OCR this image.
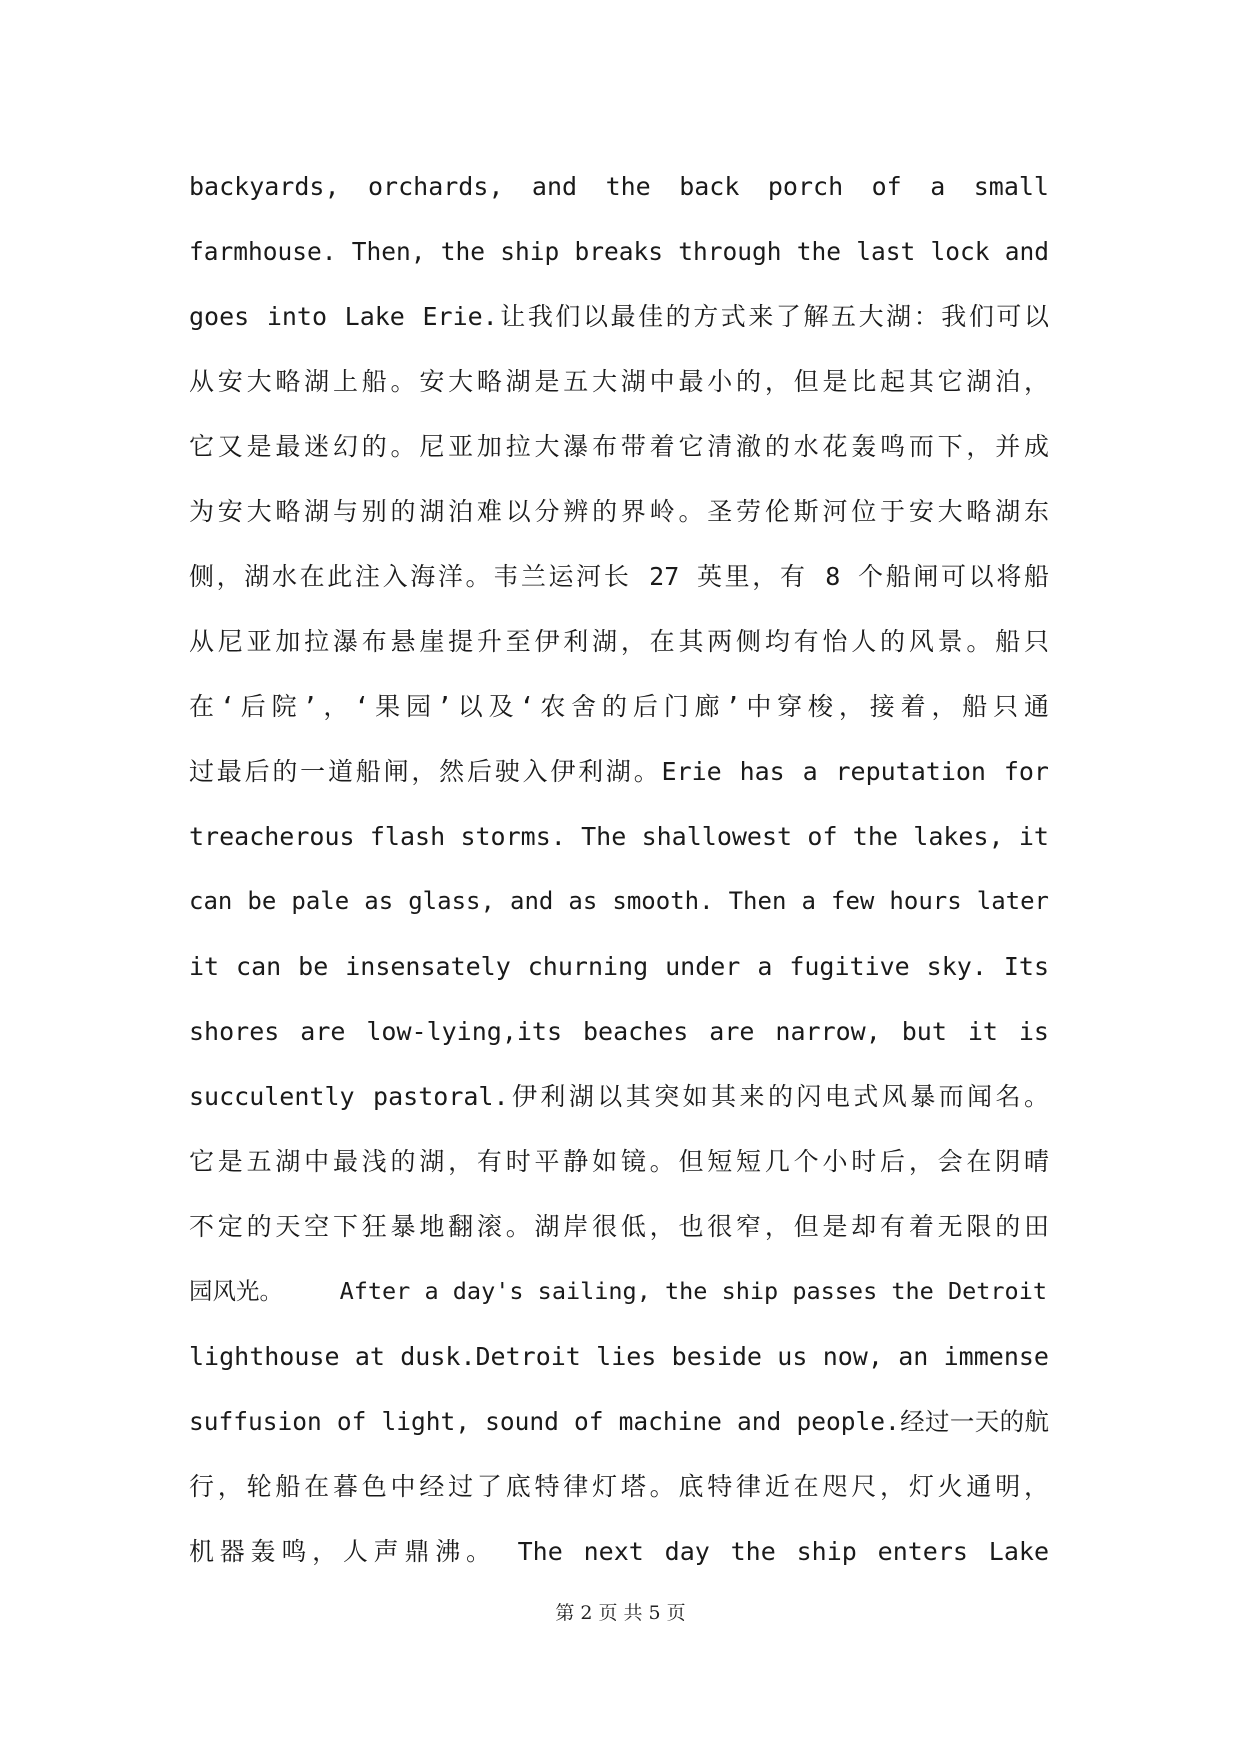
backyards, orchards, and the back porch of a small
farmhouse. Then, the ship breaks through the last lock and
goes into Lake Erie.让我们以最佳的方式来了解五大湖：我们可以
从安大略湖上船。安大略湖是五大湖中最小的，但是比起其它湖泊，
它又是最迷幻的。尼亚加拉大瀑布带着它清澈的水花轰鸣而下，并成
为安大略湖与别的湖泊难以分辨的界岭。圣劳伦斯河位于安大略湖东
侧，湖水在此注入海洋。韦兰运河长 27 英里，有 8 个船闸可以将船
从尼亚加拉瀑布悬崖提升至伊利湖，在其两侧均有怡人的风景。船只
在‘后院’，‘果园’以及‘农舍的后门廊’中穿梭，接着，船只通
过最后的一道船闸，然后驶入伊利湖。Erie has a reputation for
treacherous flash storms. The shallowest of the lakes, it
can be pale as glass, and as smooth. Then a few hours later
it can be insensately churning under a fugitive sky. Its
shores are low-lying,its beaches are narrow, but it is
succulently pastoral.伊利湖以其突如其来的闪电式风暴而闻名。
它是五湖中最浅的湖，有时平静如镜。但短短几个小时后，会在阴晴
不定的天空下狂暴地翻滚。湖岸很低，也很窄，但是却有着无限的田
园风光。    After a day's sailing, the ship passes the Detroit
lighthouse at dusk.Detroit lies beside us now, an immense
suffusion of light, sound of machine and people.经过一天的航
行，轮船在暮色中经过了底特律灯塔。底特律近在咫尺，灯火通明，
机器轰鸣，人声鼎沸。 The next day the ship enters Lake
第 2 页 共 5 页
